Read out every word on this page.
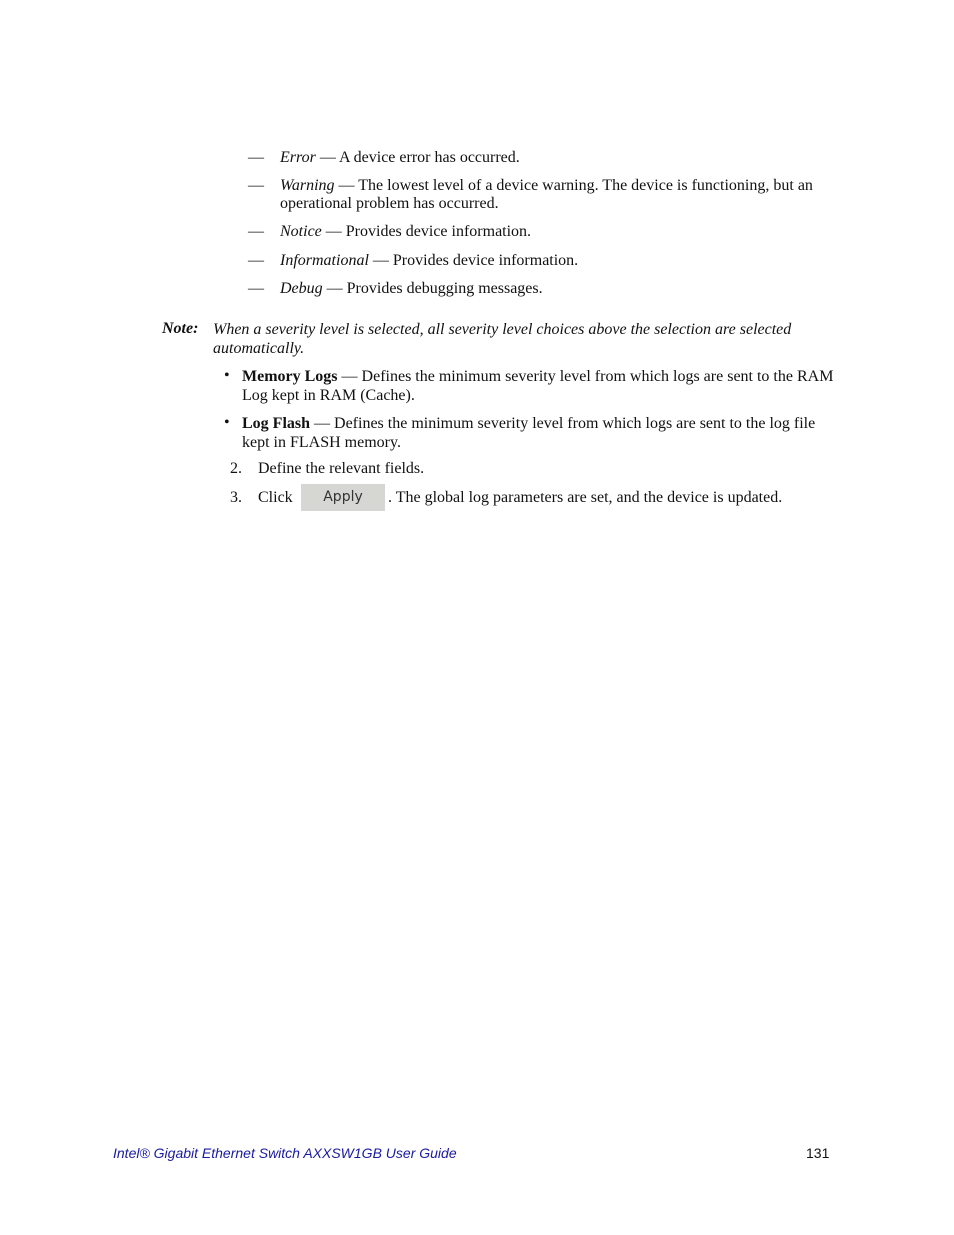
— Error — A device error has occurred.
— Warning — The lowest level of a device warning. The device is functioning, but an operational problem has occurred.
— Notice — Provides device information.
— Informational — Provides device information.
— Debug — Provides debugging messages.
Note: When a severity level is selected, all severity level choices above the selection are selected automatically.
• Memory Logs — Defines the minimum severity level from which logs are sent to the RAM Log kept in RAM (Cache).
• Log Flash — Defines the minimum severity level from which logs are sent to the log file kept in FLASH memory.
2. Define the relevant fields.
3. Click	Apply	. The global log parameters are set, and the device is updated.
Intel® Gigabit Ethernet Switch AXXSW1GB User Guide	131
